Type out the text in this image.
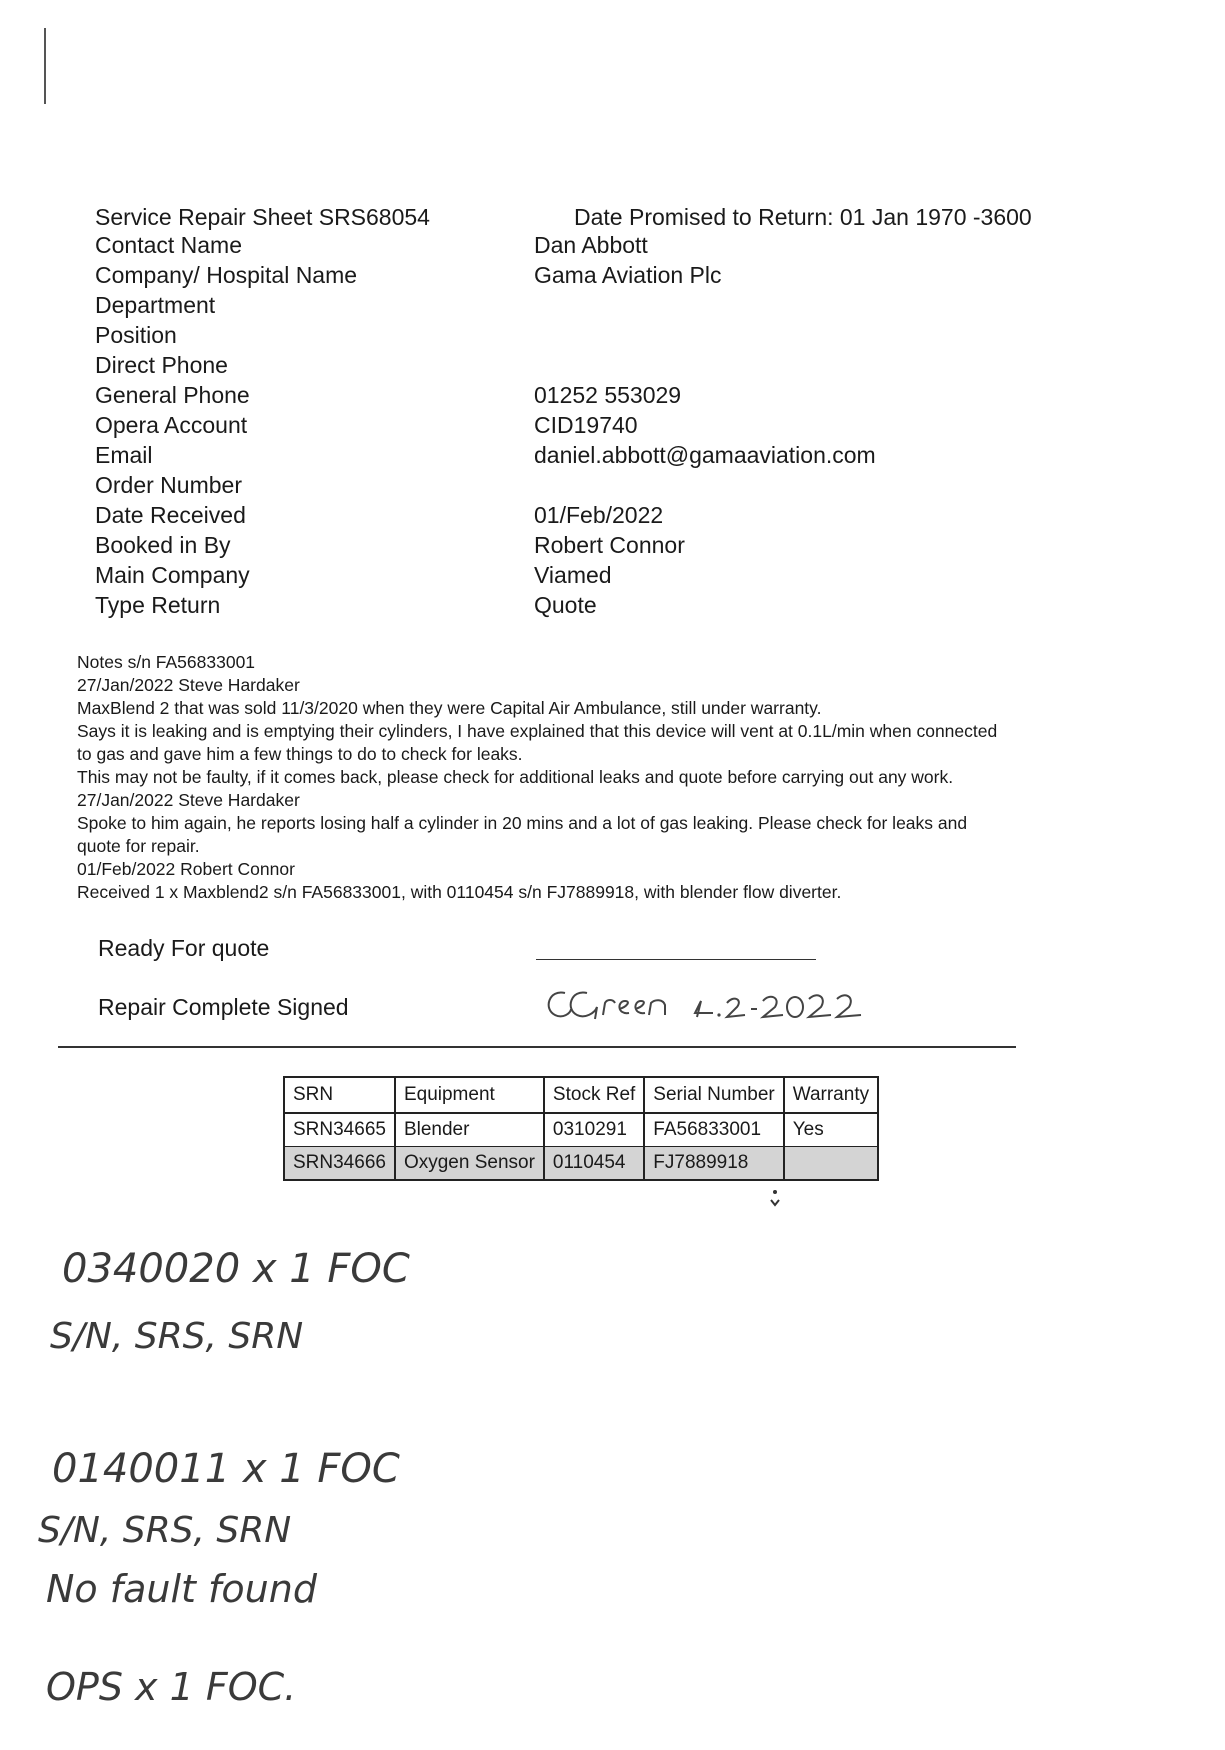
Service Repair Sheet SRS68054	Date Promised to Return: 01 Jan 1970 -3600
Contact Name	Dan Abbott
Company/ Hospital Name	Gama Aviation Plc
Department
Position
Direct Phone
General Phone	01252 553029
Opera Account	CID19740
Email	daniel.abbott@gamaaviation.com
Order Number
Date Received	01/Feb/2022
Booked in By	Robert Connor
Main Company	Viamed
Type Return	Quote
Notes s/n FA56833001
27/Jan/2022 Steve Hardaker
MaxBlend 2 that was sold 11/3/2020 when they were Capital Air Ambulance, still under warranty.
Says it is leaking and is emptying their cylinders, I have explained that this device will vent at 0.1L/min when connected
to gas and gave him a few things to do to check for leaks.
This may not be faulty, if it comes back, please check for additional leaks and quote before carrying out any work.
27/Jan/2022 Steve Hardaker
Spoke to him again, he reports losing half a cylinder in 20 mins and a lot of gas leaking. Please check for leaks and
quote for repair.
01/Feb/2022 Robert Connor
Received 1 x Maxblend2 s/n FA56833001, with 0110454 s/n FJ7889918, with blender flow diverter.
Ready For quote
Repair Complete Signed
SRN	Equipment	Stock Ref	Serial Number	Warranty
SRN34665	Blender	0310291	FA56833001	Yes
SRN34666	Oxygen Sensor	0110454	FJ7889918	
0340020 x 1 FOC
S/N, SRS, SRN
0140011 x 1 FOC
S/N, SRS, SRN
No fault found
OPS x 1 FOC.
